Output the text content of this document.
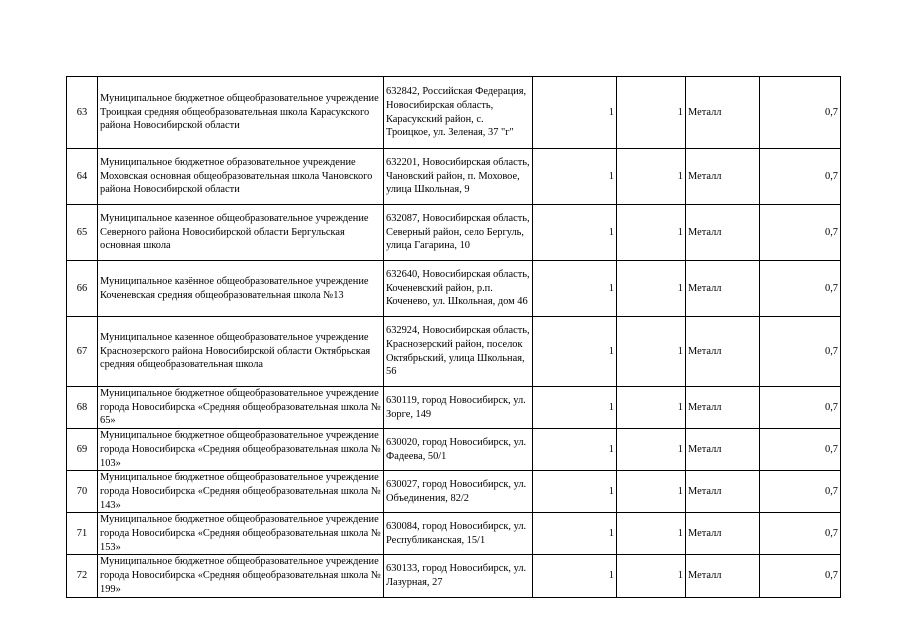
63	Муниципальное бюджетное общеобразовательное учреждение Троицкая средняя общеобразовательная школа Карасукского района Новосибирской области	632842, Российская Федерация, Новосибирская область, Карасукский район, с. Троицкое, ул. Зеленая, 37 "г"	1	1	Металл	0,7
64	Муниципальное бюджетное образовательное учреждение Моховская основная общеобразовательная школа Чановского района Новосибирской области	632201, Новосибирская область, Чановский район, п. Моховое, улица Школьная, 9	1	1	Металл	0,7
65	Муниципальное казенное общеобразовательное учреждение Северного района Новосибирской области Бергульская основная школа	632087, Новосибирская область, Северный район, село Бергуль, улица Гагарина, 10	1	1	Металл	0,7
66	Муниципальное казённое общеобразовательное учреждение Коченевская средняя общеобразовательная школа №13	632640, Новосибирская область, Коченевский район, р.п. Коченево, ул. Школьная, дом 46	1	1	Металл	0,7
67	Муниципальное казенное общеобразовательное учреждение Краснозерского района Новосибирской области Октябрьская средняя общеобразовательная школа	632924, Новосибирская область, Краснозерский район, поселок Октябрьский, улица Школьная, 56	1	1	Металл	0,7
68	Муниципальное бюджетное общеобразовательное учреждение города Новосибирска «Средняя общеобразовательная школа № 65»	630119, город Новосибирск, ул. Зорге, 149	1	1	Металл	0,7
69	Муниципальное бюджетное общеобразовательное учреждение города Новосибирска «Средняя общеобразовательная школа № 103»	630020, город Новосибирск, ул. Фадеева, 50/1	1	1	Металл	0,7
70	Муниципальное бюджетное общеобразовательное учреждение города Новосибирска «Средняя общеобразовательная школа № 143»	630027, город Новосибирск, ул. Объединения, 82/2	1	1	Металл	0,7
71	Муниципальное бюджетное общеобразовательное учреждение города Новосибирска «Средняя общеобразовательная школа № 153»	630084, город Новосибирск, ул. Республиканская, 15/1	1	1	Металл	0,7
72	Муниципальное бюджетное общеобразовательное учреждение города Новосибирска «Средняя общеобразовательная школа № 199»	630133, город Новосибирск, ул. Лазурная, 27	1	1	Металл	0,7
